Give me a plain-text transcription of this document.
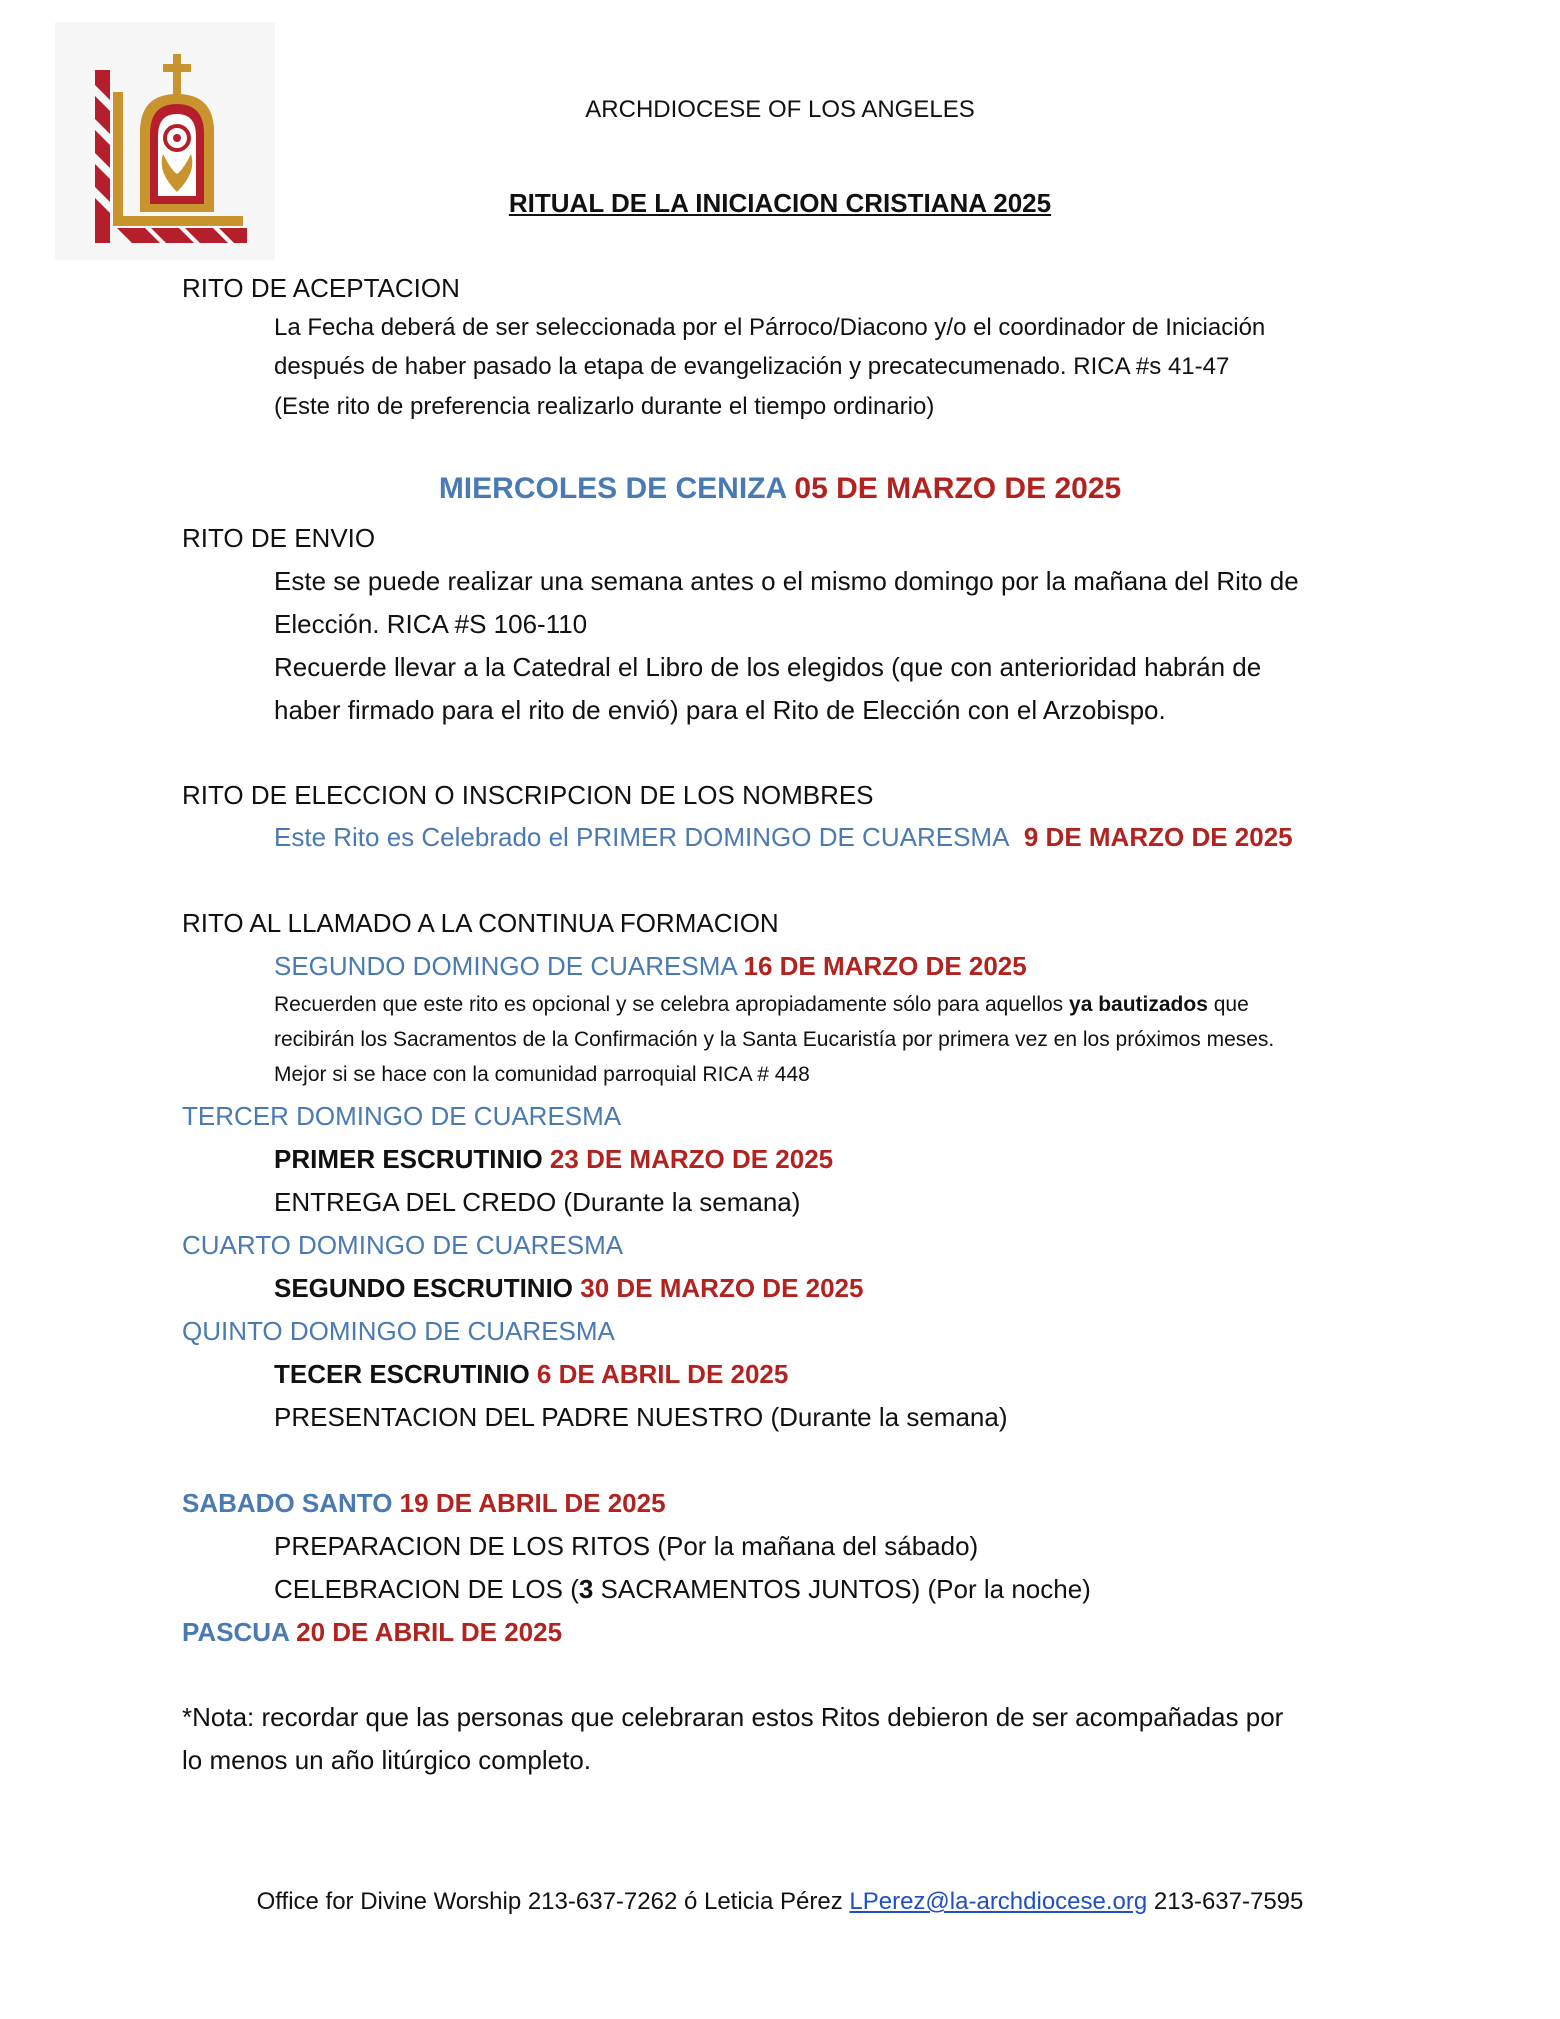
ARCHDIOCESE OF LOS ANGELES
RITUAL DE LA INICIACION CRISTIANA 2025
RITO DE ACEPTACION
La Fecha deberá de ser seleccionada por el Párroco/Diacono y/o el coordinador de Iniciación
después de haber pasado la etapa de evangelización y precatecumenado. RICA #s 41-47
(Este rito de preferencia realizarlo durante el tiempo ordinario)
MIERCOLES DE CENIZA 05 DE MARZO DE 2025
RITO DE ENVIO
Este se puede realizar una semana antes o el mismo domingo por la mañana del Rito de
Elección. RICA #S 106-110
Recuerde llevar a la Catedral el Libro de los elegidos (que con anterioridad habrán de
haber firmado para el rito de envió) para el Rito de Elección con el Arzobispo.
RITO DE ELECCION O INSCRIPCION DE LOS NOMBRES
Este Rito es Celebrado el PRIMER DOMINGO DE CUARESMA 9 DE MARZO DE 2025
RITO AL LLAMADO A LA CONTINUA FORMACION
SEGUNDO DOMINGO DE CUARESMA 16 DE MARZO DE 2025
Recuerden que este rito es opcional y se celebra apropiadamente sólo para aquellos ya bautizados que
recibirán los Sacramentos de la Confirmación y la Santa Eucaristía por primera vez en los próximos meses.
Mejor si se hace con la comunidad parroquial RICA # 448
TERCER DOMINGO DE CUARESMA
PRIMER ESCRUTINIO 23 DE MARZO DE 2025
ENTREGA DEL CREDO (Durante la semana)
CUARTO DOMINGO DE CUARESMA
SEGUNDO ESCRUTINIO 30 DE MARZO DE 2025
QUINTO DOMINGO DE CUARESMA
TECER ESCRUTINIO 6 DE ABRIL DE 2025
PRESENTACION DEL PADRE NUESTRO (Durante la semana)
SABADO SANTO 19 DE ABRIL DE 2025
PREPARACION DE LOS RITOS (Por la mañana del sábado)
CELEBRACION DE LOS (3 SACRAMENTOS JUNTOS) (Por la noche)
PASCUA 20 DE ABRIL DE 2025
*Nota: recordar que las personas que celebraran estos Ritos debieron de ser acompañadas por
lo menos un año litúrgico completo.
Office for Divine Worship 213-637-7262 ó Leticia Pérez LPerez@la-archdiocese.org 213-637-7595
